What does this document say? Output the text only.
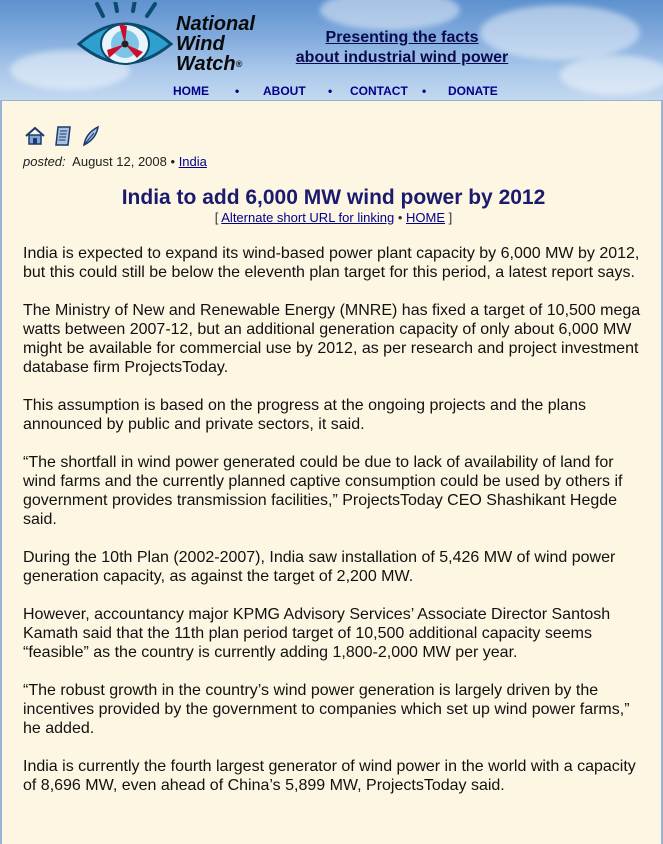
National
Wind
Watch®
Presenting the facts
about industrial wind power
HOME • ABOUT • CONTACT • DONATE
posted: August 12, 2008 • India
India to add 6,000 MW wind power by 2012
[ Alternate short URL for linking • HOME ]

India is expected to expand its wind-based power plant capacity by 6,000 MW by 2012, but this could still be below the eleventh plan target for this period, a latest report says.

The Ministry of New and Renewable Energy (MNRE) has fixed a target of 10,500 mega watts between 2007-12, but an additional generation capacity of only about 6,000 MW might be available for commercial use by 2012, as per research and project investment database firm ProjectsToday.

This assumption is based on the progress at the ongoing projects and the plans announced by public and private sectors, it said.

“The shortfall in wind power generated could be due to lack of availability of land for wind farms and the currently planned captive consumption could be used by others if government provides transmission facilities,” ProjectsToday CEO Shashikant Hegde said.

During the 10th Plan (2002-2007), India saw installation of 5,426 MW of wind power generation capacity, as against the target of 2,200 MW.

However, accountancy major KPMG Advisory Services’ Associate Director Santosh Kamath said that the 11th plan period target of 10,500 additional capacity seems “feasible” as the country is currently adding 1,800-2,000 MW per year.

“The robust growth in the country’s wind power generation is largely driven by the incentives provided by the government to companies which set up wind power farms,” he added.

India is currently the fourth largest generator of wind power in the world with a capacity of 8,696 MW, even ahead of China’s 5,899 MW, ProjectsToday said.
